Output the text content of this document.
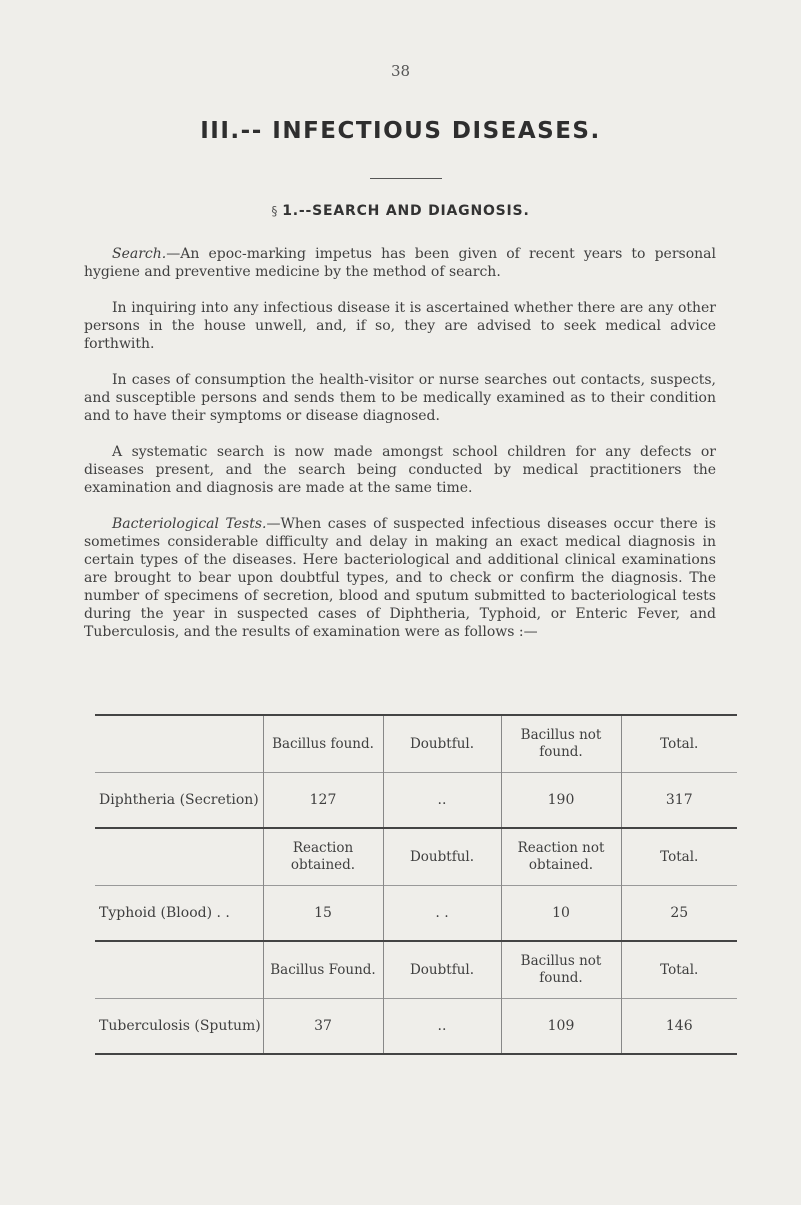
38
III.-- INFECTIOUS DISEASES.
§ 1.--SEARCH AND DIAGNOSIS.

Search.—An epoc-marking impetus has been given of recent years to personal hygiene and preventive medicine by the method of search.

In inquiring into any infectious disease it is ascertained whether there are any other persons in the house unwell, and, if so, they are advised to seek medical advice forthwith.

In cases of consumption the health-visitor or nurse searches out contacts, suspects, and susceptible persons and sends them to be medically examined as to their condition and to have their symptoms or disease diagnosed.

A systematic search is now made amongst school children for any defects or diseases present, and the search being conducted by medical practitioners the examination and diagnosis are made at the same time.

Bacteriological Tests.—When cases of suspected infectious diseases occur there is sometimes considerable difficulty and delay in making an exact medical diagnosis in certain types of the diseases. Here bacteriological and additional clinical examinations are brought to bear upon doubtful types, and to check or confirm the diagnosis. The number of specimens of secretion, blood and sputum submitted to bacteriological tests during the year in suspected cases of Diphtheria, Typhoid, or Enteric Fever, and Tuberculosis, and the results of examination were as follows :—

	Bacillus found.	Doubtful.	Bacillus not found.	Total.
Diphtheria (Secretion)	127	..	190	317
	Reaction obtained.	Doubtful.	Reaction not obtained.	Total.
Typhoid (Blood) . .	15	. .	10	25
	Bacillus Found.	Doubtful.	Bacillus not found.	Total.
Tuberculosis (Sputum)	37	..	109	146
